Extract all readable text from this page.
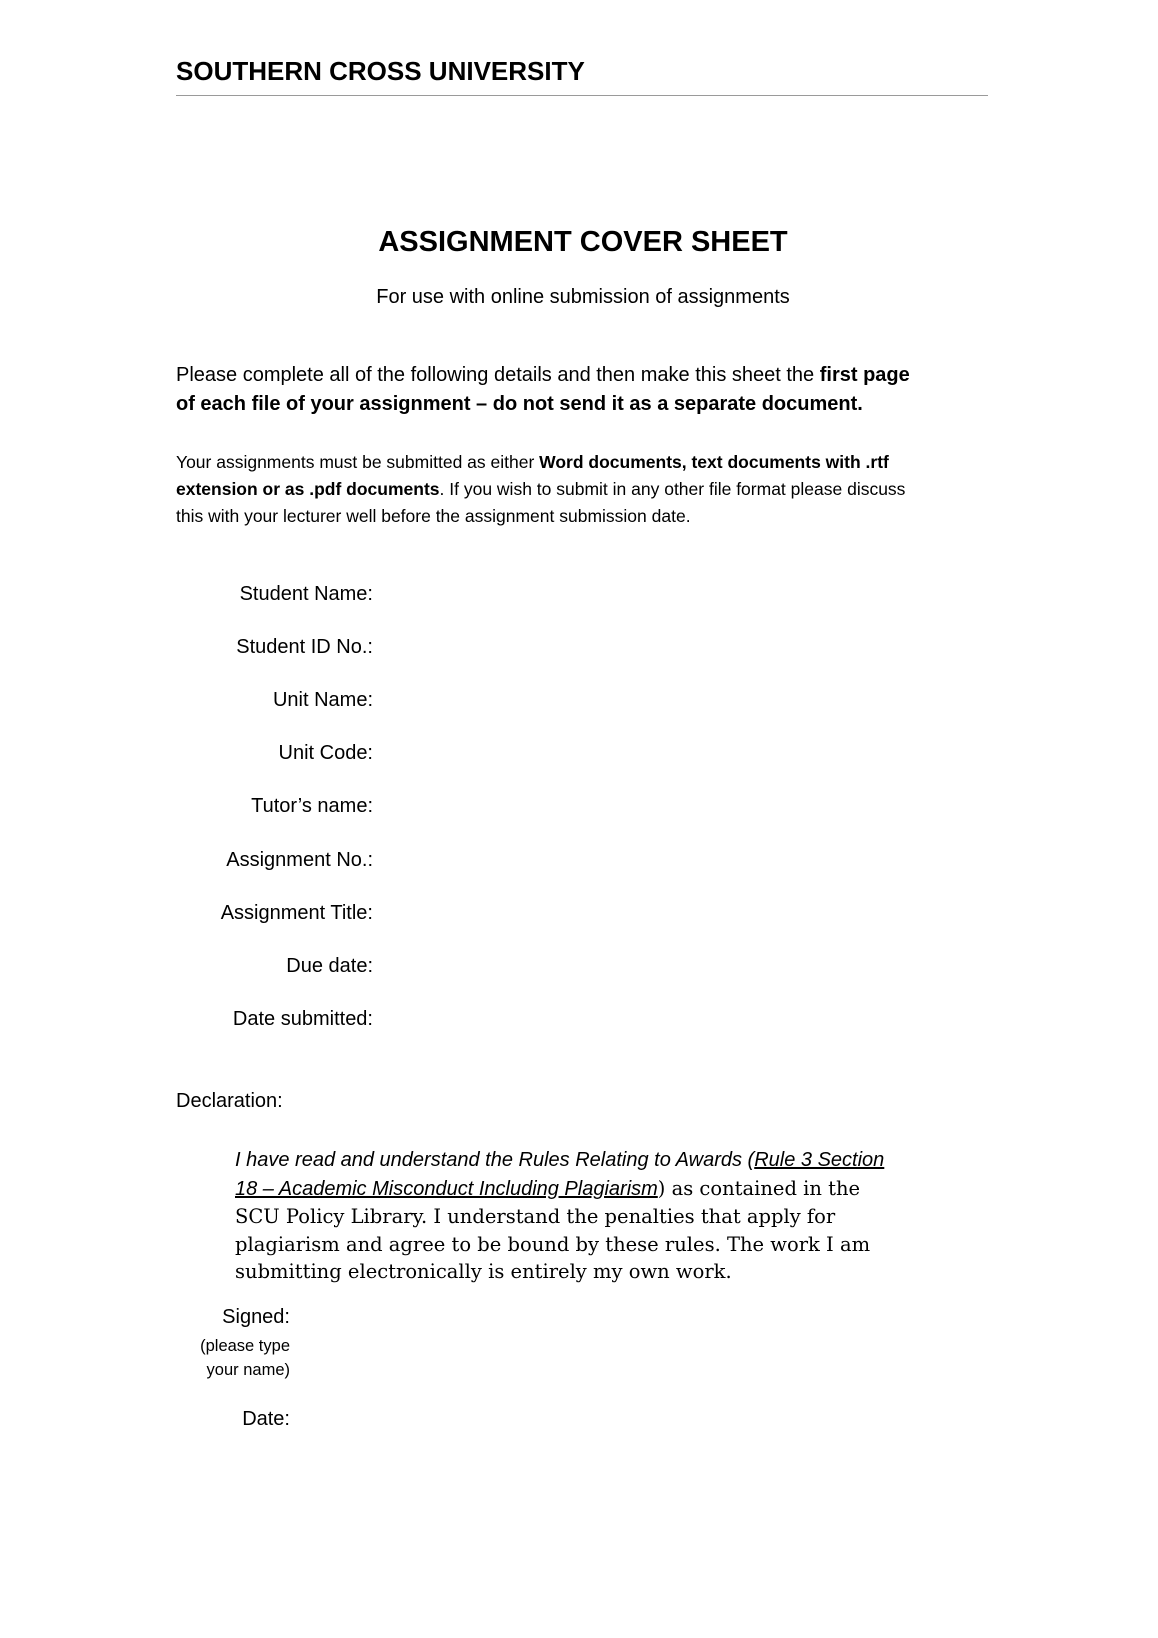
SOUTHERN CROSS UNIVERSITY
ASSIGNMENT COVER SHEET
For use with online submission of assignments
Please complete all of the following details and then make this sheet the first page
of each file of your assignment – do not send it as a separate document.
Your assignments must be submitted as either Word documents, text documents with .rtf
extension or as .pdf documents. If you wish to submit in any other file format please discuss
this with your lecturer well before the assignment submission date.
Student Name:
Student ID No.:
Unit Name:
Unit Code:
Tutor’s name:
Assignment No.:
Assignment Title:
Due date:
Date submitted:
Declaration:
I have read and understand the Rules Relating to Awards (Rule 3 Section
18 – Academic Misconduct Including Plagiarism) as contained in the
SCU Policy Library. I understand the penalties that apply for
plagiarism and agree to be bound by these rules. The work I am
submitting electronically is entirely my own work.
Signed:
(please type
your name)
Date:
